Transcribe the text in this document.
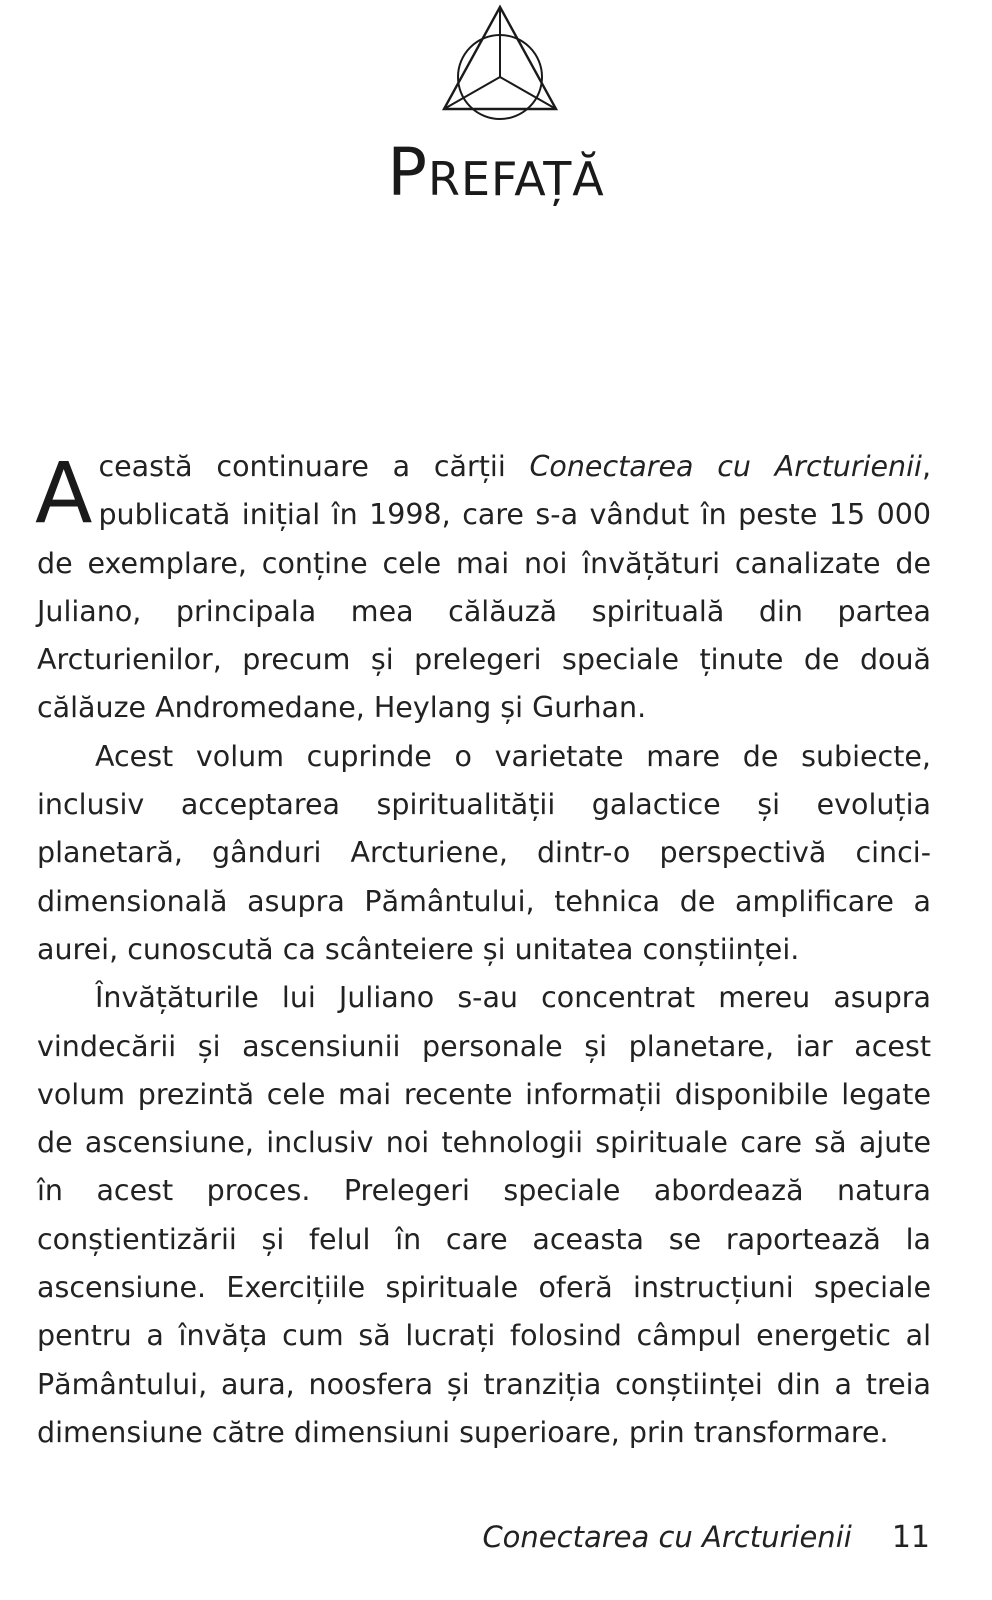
Prefață

Această continuare a cărții Conectarea cu Arcturienii, publicată inițial în 1998, care s-a vândut în peste 15 000 de exemplare, conține cele mai noi învățături canalizate de Juliano, principala mea călăuză spirituală din partea Arcturienilor, precum și prelegeri speciale ținute de două călăuze Andromedane, Heylang și Gurhan.

Acest volum cuprinde o varietate mare de subiecte, inclusiv acceptarea spiritualității galactice și evoluția planetară, gânduri Arcturiene, dintr-o perspectivă cinci-dimensională asupra Pământului, tehnica de amplificare a aurei, cunoscută ca scânteiere și unitatea conștiinței.

Învățăturile lui Juliano s-au concentrat mereu asupra vindecării și ascensiunii personale și planetare, iar acest volum prezintă cele mai recente informații disponibile legate de ascensiune, inclusiv noi tehnologii spirituale care să ajute în acest proces. Prelegeri speciale abordează natura conștientizării și felul în care aceasta se raportează la ascensiune. Exercițiile spirituale oferă instrucțiuni speciale pentru a învăța cum să lucrați folosind câmpul energetic al Pământului, aura, noosfera și tranziția conștiinței din a treia dimensiune către dimensiuni superioare, prin transformare.

Conectarea cu Arcturienii 11
